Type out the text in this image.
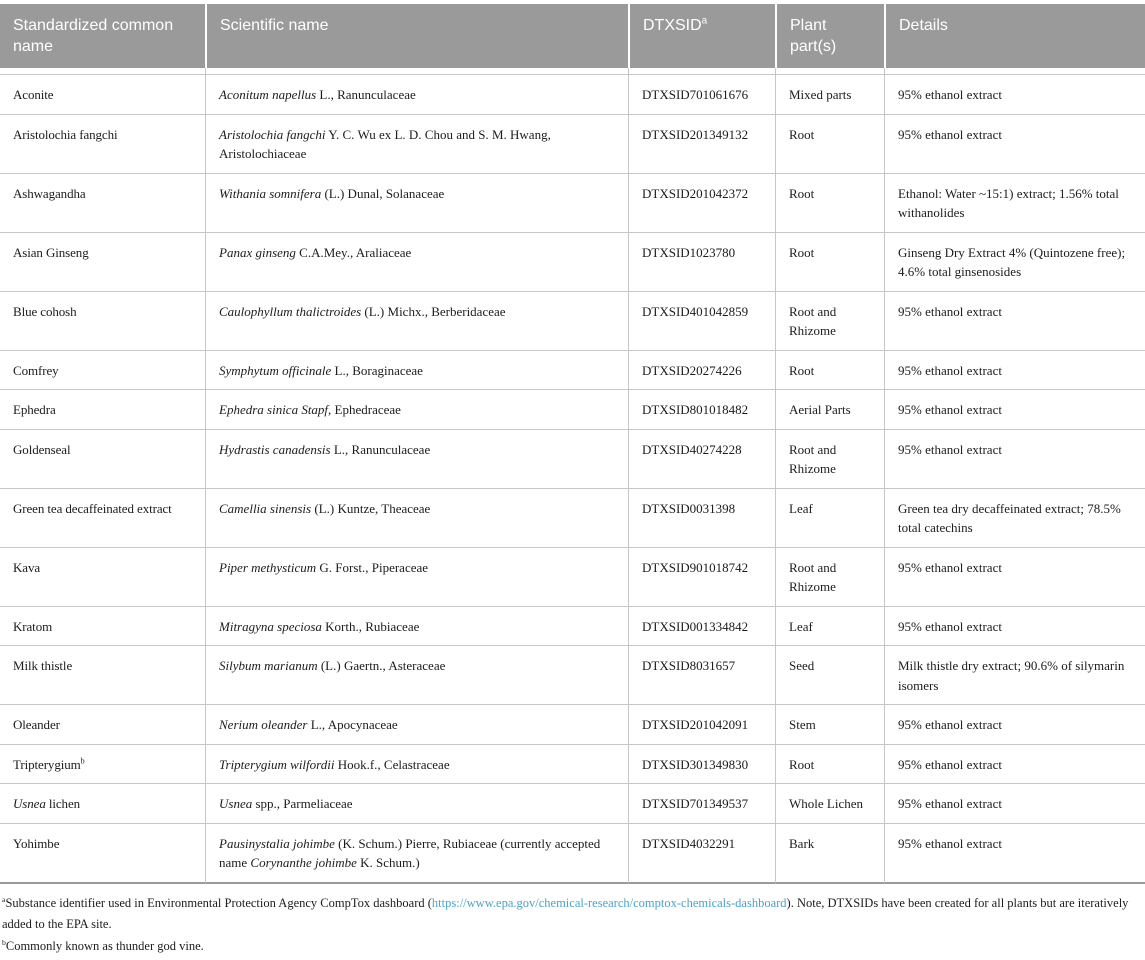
Standardized common name	Scientific name	DTXSID$^a$	Plant part(s)	Details

Aconite	Aconitum napellus L., Ranunculaceae	DTXSID701061676	Mixed parts	95% ethanol extract
Aristolochia fangchi	Aristolochia fangchi Y. C. Wu ex L. D. Chou and S. M. Hwang, Aristolochiaceae	DTXSID201349132	Root	95% ethanol extract
Ashwagandha	Withania somnifera (L.) Dunal, Solanaceae	DTXSID201042372	Root	Ethanol: Water ~15:1) extract; 1.56% total withanolides
Asian Ginseng	Panax ginseng C.A.Mey., Araliaceae	DTXSID1023780	Root	Ginseng Dry Extract 4% (Quintozene free); 4.6% total ginsenosides
Blue cohosh	Caulophyllum thalictroides (L.) Michx., Berberidaceae	DTXSID401042859	Root and Rhizome	95% ethanol extract
Comfrey	Symphytum officinale L., Boraginaceae	DTXSID20274226	Root	95% ethanol extract
Ephedra	Ephedra sinica Stapf, Ephedraceae	DTXSID801018482	Aerial Parts	95% ethanol extract
Goldenseal	Hydrastis canadensis L., Ranunculaceae	DTXSID40274228	Root and Rhizome	95% ethanol extract
Green tea decaffeinated extract	Camellia sinensis (L.) Kuntze, Theaceae	DTXSID0031398	Leaf	Green tea dry decaffeinated extract; 78.5% total catechins
Kava	Piper methysticum G. Forst., Piperaceae	DTXSID901018742	Root and Rhizome	95% ethanol extract
Kratom	Mitragyna speciosa Korth., Rubiaceae	DTXSID001334842	Leaf	95% ethanol extract
Milk thistle	Silybum marianum (L.) Gaertn., Asteraceae	DTXSID8031657	Seed	Milk thistle dry extract; 90.6% of silymarin isomers
Oleander	Nerium oleander L., Apocynaceae	DTXSID201042091	Stem	95% ethanol extract
Tripterygium$^b$	Tripterygium wilfordii Hook.f., Celastraceae	DTXSID301349830	Root	95% ethanol extract
Usnea lichen	Usnea spp., Parmeliaceae	DTXSID701349537	Whole Lichen	95% ethanol extract
Yohimbe	Pausinystalia johimbe (K. Schum.) Pierre, Rubiaceae (currently accepted name Corynanthe johimbe K. Schum.)	DTXSID4032291	Bark	95% ethanol extract

$^a$Substance identifier used in Environmental Protection Agency CompTox dashboard (https://www.epa.gov/chemical-research/comptox-chemicals-dashboard). Note, DTXSIDs have been created for all plants but are iteratively added to the EPA site.

$^b$Commonly known as thunder god vine.
